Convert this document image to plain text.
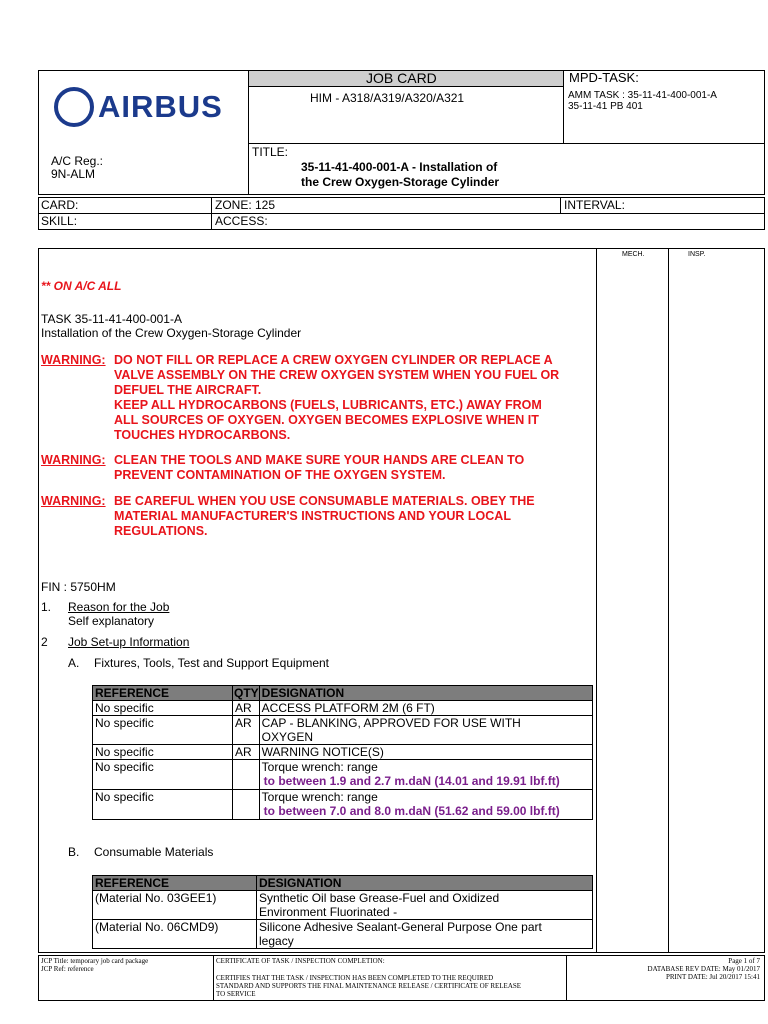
AIRBUS
JOB CARD
HIM - A318/A319/A320/A321
MPD-TASK:
AMM TASK : 35-11-41-400-001-A
35-11-41 PB 401
A/C Reg.:
9N-ALM
TITLE:
35-11-41-400-001-A - Installation of
the Crew Oxygen-Storage Cylinder
CARD:	ZONE: 125	INTERVAL:
SKILL:	ACCESS:
MECH.	INSP.
** ON A/C ALL
TASK 35-11-41-400-001-A
Installation of the Crew Oxygen-Storage Cylinder
WARNING: DO NOT FILL OR REPLACE A CREW OXYGEN CYLINDER OR REPLACE A
VALVE ASSEMBLY ON THE CREW OXYGEN SYSTEM WHEN YOU FUEL OR
DEFUEL THE AIRCRAFT.
KEEP ALL HYDROCARBONS (FUELS, LUBRICANTS, ETC.) AWAY FROM
ALL SOURCES OF OXYGEN. OXYGEN BECOMES EXPLOSIVE WHEN IT
TOUCHES HYDROCARBONS.
WARNING: CLEAN THE TOOLS AND MAKE SURE YOUR HANDS ARE CLEAN TO
PREVENT CONTAMINATION OF THE OXYGEN SYSTEM.
WARNING: BE CAREFUL WHEN YOU USE CONSUMABLE MATERIALS. OBEY THE
MATERIAL MANUFACTURER'S INSTRUCTIONS AND YOUR LOCAL
REGULATIONS.
FIN : 5750HM
1. Reason for the Job
Self explanatory
2 Job Set-up Information
A. Fixtures, Tools, Test and Support Equipment
REFERENCE	QTY	DESIGNATION
No specific	AR	ACCESS PLATFORM 2M (6 FT)
No specific	AR	CAP - BLANKING, APPROVED FOR USE WITH
OXYGEN

No specific	AR	WARNING NOTICE(S)
No specific		Torque wrench: range
to between 1.9 and 2.7 m.daN (14.01 and 19.91 lbf.ft)

No specific		Torque wrench: range
to between 7.0 and 8.0 m.daN (51.62 and 59.00 lbf.ft)
B. Consumable Materials
REFERENCE	DESIGNATION
(Material No. 03GEE1)	Synthetic Oil base Grease-Fuel and Oxidized
Environment Fluorinated -

(Material No. 06CMD9)	Silicone Adhesive Sealant-General Purpose One part
legacy
JCP Title: temporary job card package
JCP Ref: reference
CERTIFICATE OF TASK / INSPECTION COMPLETION:
CERTIFIES THAT THE TASK / INSPECTION HAS BEEN COMPLETED TO THE REQUIRED
STANDARD AND SUPPORTS THE FINAL MAINTENANCE RELEASE / CERTIFICATE OF RELEASE
TO SERVICE
Page 1 of 7
DATABASE REV DATE: May 01/2017
PRINT DATE: Jul 20/2017 15:41
